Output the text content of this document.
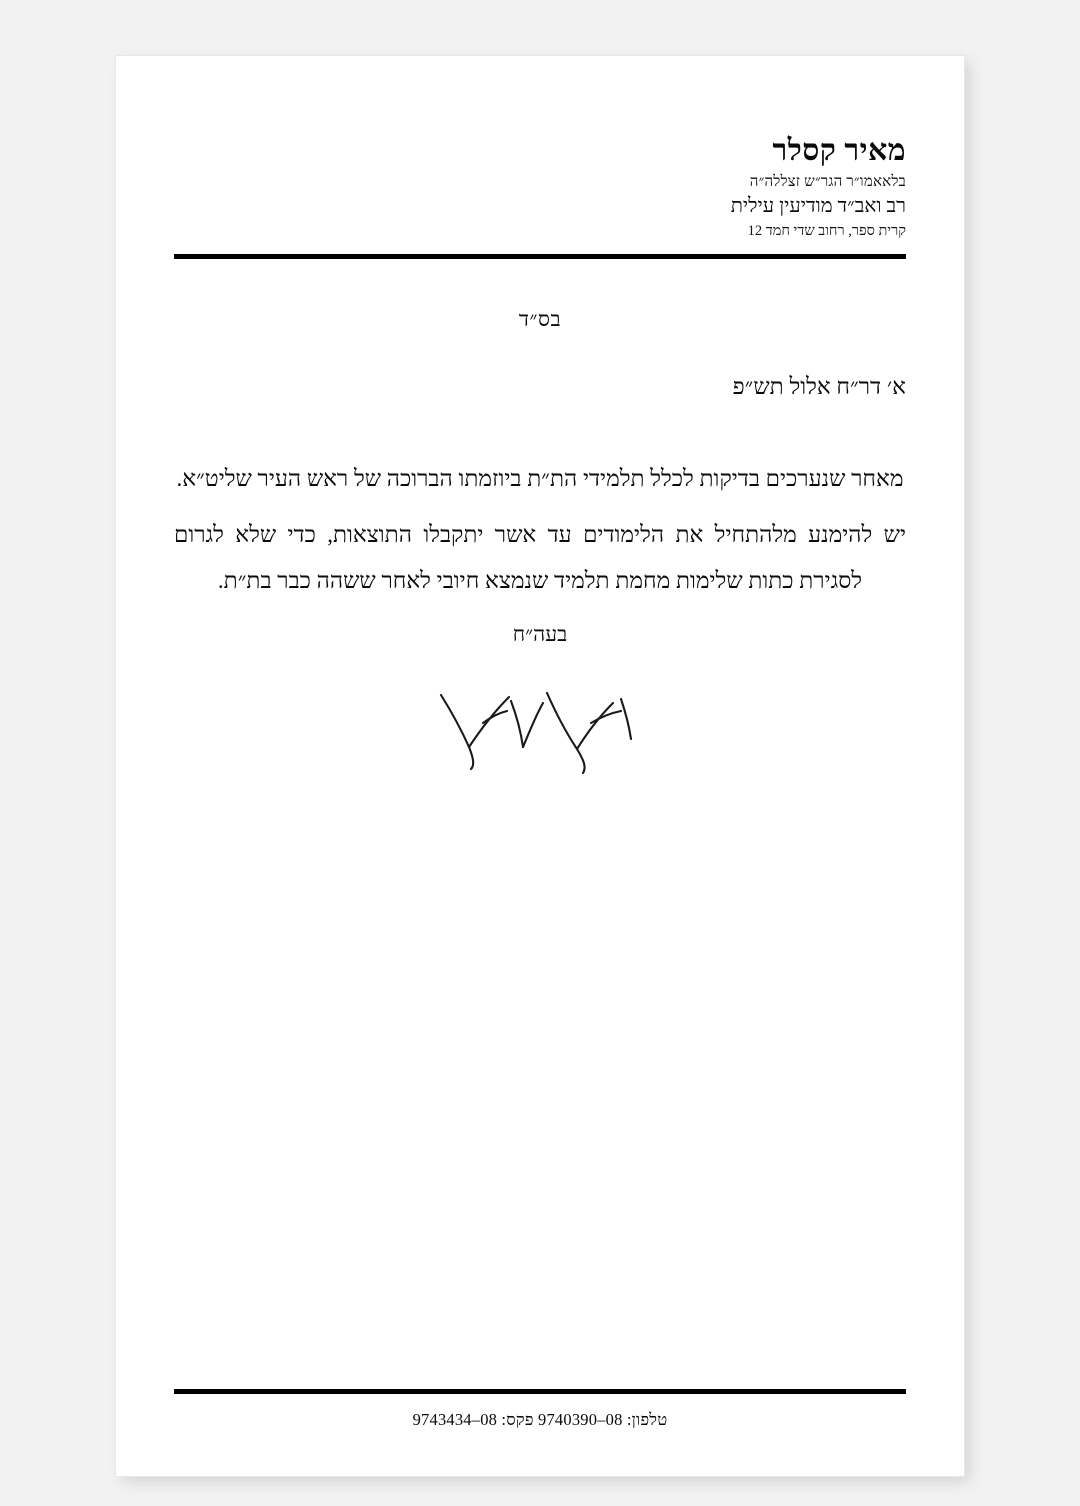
מאיר קסלר
בלאאמו״ר הגר״ש זצללה״ה
רב ואב״ד מודיעין עילית
קרית ספר, רחוב שדי חמד 12
בס״ד
א׳ דר״ח אלול תש״פ
מאחר שנערכים בדיקות לכלל תלמידי הת״ת ביוזמתו הברוכה של ראש העיר שליט״א.
יש להימנע מלהתחיל את הלימודים עד אשר יתקבלו התוצאות, כדי שלא לגרום לסגירת כתות שלימות מחמת תלמיד שנמצא חיובי לאחר ששהה כבר בת״ת.
בעה״ח
טלפון: 08–9740390 פקס: 08–9743434
